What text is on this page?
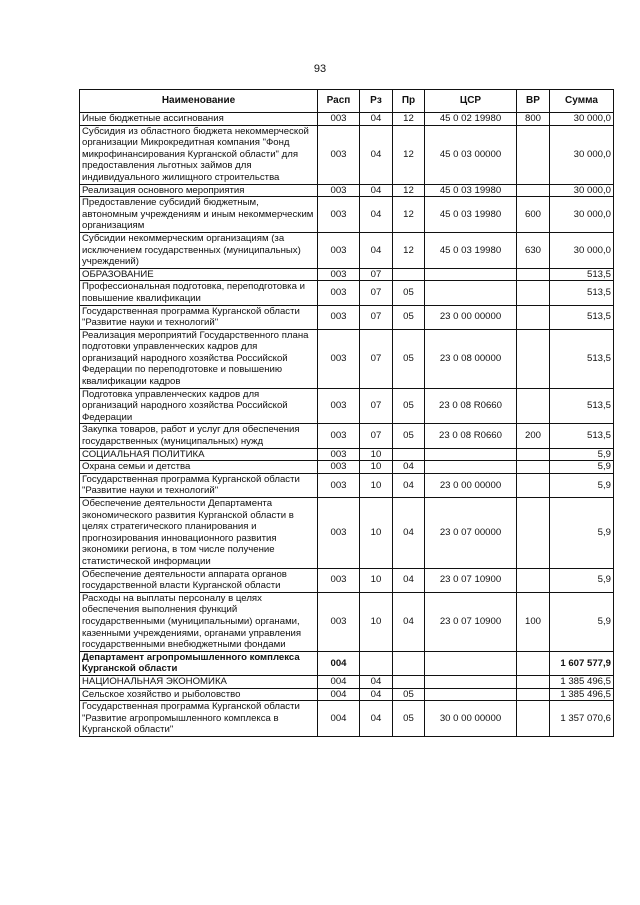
93
Наименование	Расп	Рз	Пр	ЦСР	ВР	Сумма
Иные бюджетные ассигнования	003	04	12	45 0 02 19980	800	30 000,0
Субсидия из областного бюджета некоммерческой организации Микрокредитная компания "Фонд микрофинансирования Курганской области" для предоставления льготных займов для индивидуального жилищного строительства	003	04	12	45 0 03 00000		30 000,0
Реализация основного мероприятия	003	04	12	45 0 03 19980		30 000,0
Предоставление субсидий бюджетным, автономным учреждениям и иным некоммерческим организациям	003	04	12	45 0 03 19980	600	30 000,0
Субсидии некоммерческим организациям (за исключением государственных (муниципальных) учреждений)	003	04	12	45 0 03 19980	630	30 000,0
ОБРАЗОВАНИЕ	003	07				513,5
Профессиональная подготовка, переподготовка и повышение квалификации	003	07	05			513,5
Государственная программа Курганской области "Развитие науки и технологий"	003	07	05	23 0 00 00000		513,5
Реализация мероприятий Государственного плана подготовки управленческих кадров для организаций народного хозяйства Российской Федерации по переподготовке и повышению квалификации кадров	003	07	05	23 0 08 00000		513,5
Подготовка управленческих кадров для организаций народного хозяйства Российской Федерации	003	07	05	23 0 08 R0660		513,5
Закупка товаров, работ и услуг для обеспечения государственных (муниципальных) нужд	003	07	05	23 0 08 R0660	200	513,5
СОЦИАЛЬНАЯ ПОЛИТИКА	003	10				5,9
Охрана семьи и детства	003	10	04			5,9
Государственная программа Курганской области "Развитие науки и технологий"	003	10	04	23 0 00 00000		5,9
Обеспечение деятельности Департамента экономического развития Курганской области в целях стратегического планирования и прогнозирования инновационного развития экономики региона, в том числе получение статистической информации	003	10	04	23 0 07 00000		5,9
Обеспечение деятельности аппарата органов государственной власти Курганской области	003	10	04	23 0 07 10900		5,9
Расходы на выплаты персоналу в целях обеспечения выполнения функций государственными (муниципальными) органами, казенными учреждениями, органами управления государственными внебюджетными фондами	003	10	04	23 0 07 10900	100	5,9
Департамент агропромышленного комплекса Курганской области	004					1 607 577,9
НАЦИОНАЛЬНАЯ ЭКОНОМИКА	004	04				1 385 496,5
Сельское хозяйство и рыболовство	004	04	05			1 385 496,5
Государственная программа Курганской области "Развитие агропромышленного комплекса в Курганской области"	004	04	05	30 0 00 00000		1 357 070,6
